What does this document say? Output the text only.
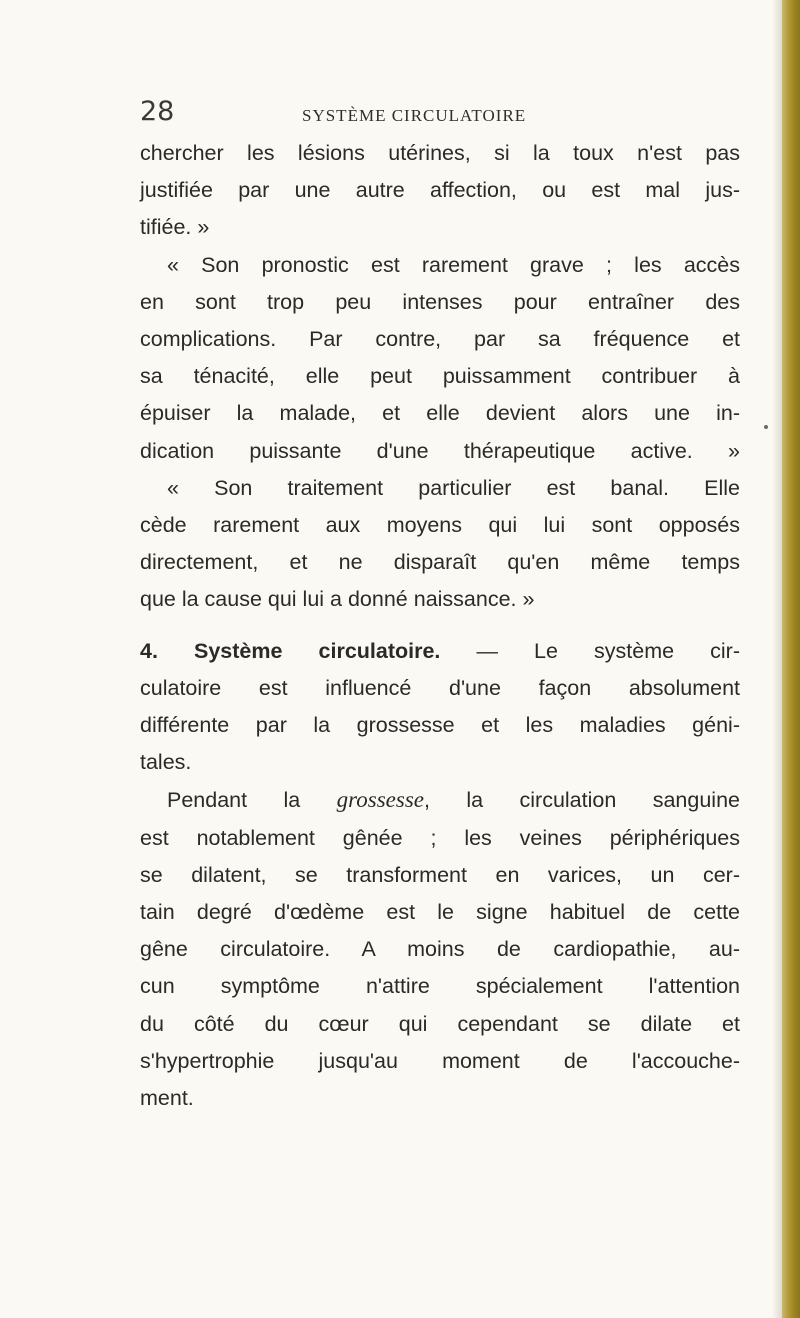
28	SYSTÈME CIRCULATOIRE
chercher les lésions utérines, si la toux n'est pas
justifiée par une autre affection, ou est mal jus-
tifiée. »
« Son pronostic est rarement grave ; les accès
en sont trop peu intenses pour entraîner des
complications. Par contre, par sa fréquence et
sa ténacité, elle peut puissamment contribuer à
épuiser la malade, et elle devient alors une in-
dication puissante d'une thérapeutique active. »
« Son traitement particulier est banal. Elle
cède rarement aux moyens qui lui sont opposés
directement, et ne disparaît qu'en même temps
que la cause qui lui a donné naissance. »
4. Système circulatoire. — Le système cir-
culatoire est influencé d'une façon absolument
différente par la grossesse et les maladies géni-
tales.
Pendant la grossesse, la circulation sanguine
est notablement gênée ; les veines périphériques
se dilatent, se transforment en varices, un cer-
tain degré d'œdème est le signe habituel de cette
gêne circulatoire. A moins de cardiopathie, au-
cun symptôme n'attire spécialement l'attention
du côté du cœur qui cependant se dilate et
s'hypertrophie jusqu'au moment de l'accouche-
ment.
